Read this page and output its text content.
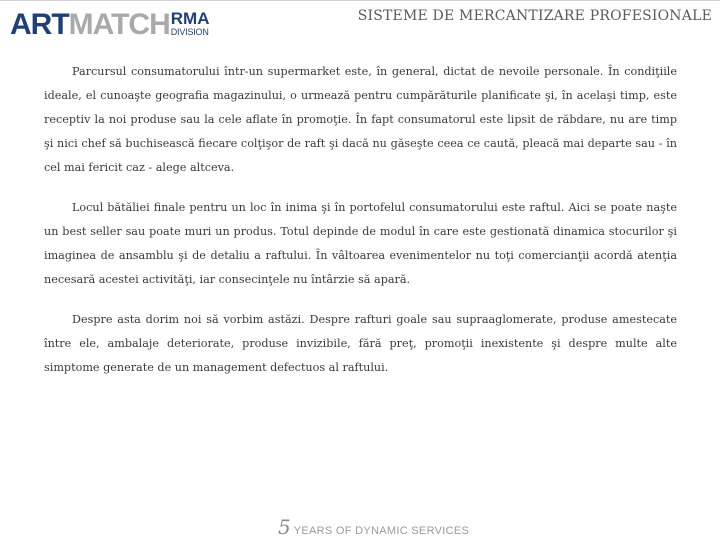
ART MATCH RMA
DIVISION
SISTEME DE MERCANTIZARE PROFESIONALE

Parcursul consumatorului într-un supermarket este, în general, dictat de nevoile personale. În condiţiile ideale, el cunoaşte geografia magazinului, o urmează pentru cumpărăturile planificate şi, în acelaşi timp, este receptiv la noi produse sau la cele aflate în promoţie. În fapt consumatorul este lipsit de răbdare, nu are timp şi nici chef să buchisească fiecare colţişor de raft şi dacă nu găseşte ceea ce caută, pleacă mai departe sau - în cel mai fericit caz - alege altceva.

Locul bătăliei finale pentru un loc în inima şi în portofelul consumatorului este raftul. Aici se poate naşte un best seller sau poate muri un produs. Totul depinde de modul în care este gestionată dinamica stocurilor şi imaginea de ansamblu şi de detaliu a raftului. În vâltoarea evenimentelor nu toţi comercianţii acordă atenţia necesară acestei activităţi, iar consecinţele nu întârzie să apară.

Despre asta dorim noi să vorbim astăzi. Despre rafturi goale sau supraaglomerate, produse amestecate între ele, ambalaje deteriorate, produse invizibile, fără preţ, promoţii inexistente şi despre multe alte simptome generate de un management defectuos al raftului.

5 YEARS OF DYNAMIC SERVICES
